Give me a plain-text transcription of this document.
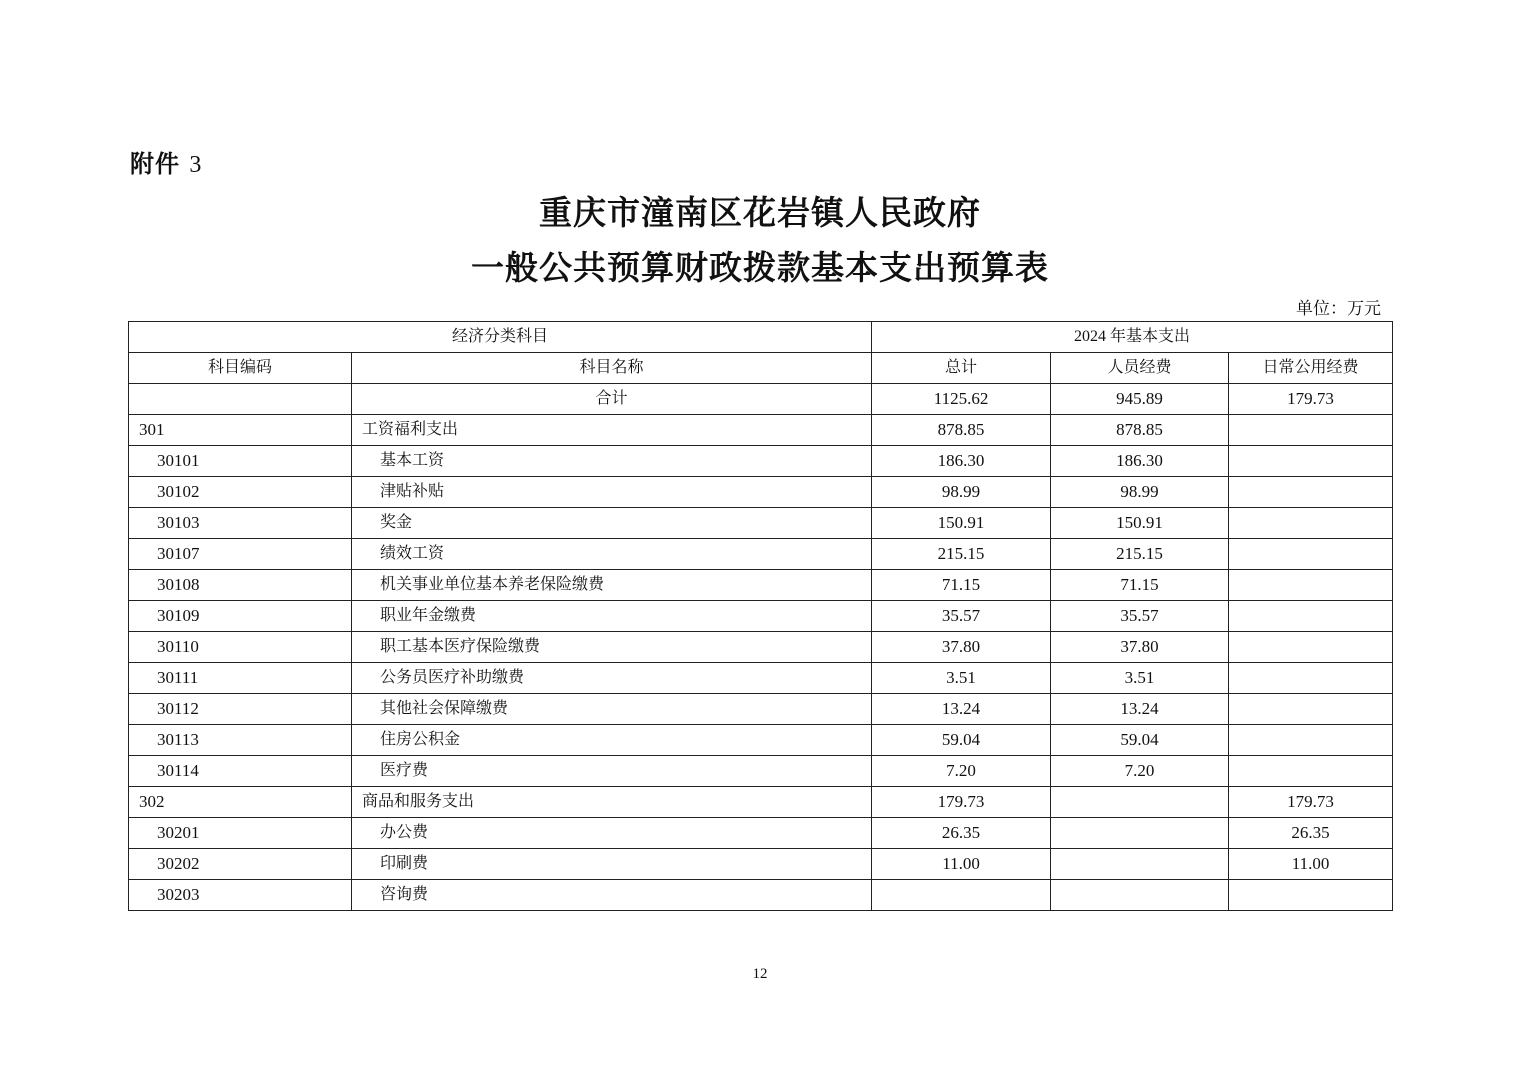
附件 3
重庆市潼南区花岩镇人民政府
一般公共预算财政拨款基本支出预算表
单位：万元
经济分类科目		2024 年基本支出		
科目编码	科目名称	总计	人员经费	日常公用经费
	合计	1125.62	945.89	179.73
301	工资福利支出	878.85	878.85	
30101	基本工资	186.30	186.30	
30102	津贴补贴	98.99	98.99	
30103	奖金	150.91	150.91	
30107	绩效工资	215.15	215.15	
30108	机关事业单位基本养老保险缴费	71.15	71.15	
30109	职业年金缴费	35.57	35.57	
30110	职工基本医疗保险缴费	37.80	37.80	
30111	公务员医疗补助缴费	3.51	3.51	
30112	其他社会保障缴费	13.24	13.24	
30113	住房公积金	59.04	59.04	
30114	医疗费	7.20	7.20	
302	商品和服务支出	179.73		179.73
30201	办公费	26.35		26.35
30202	印刷费	11.00		11.00
30203	咨询费			
12
